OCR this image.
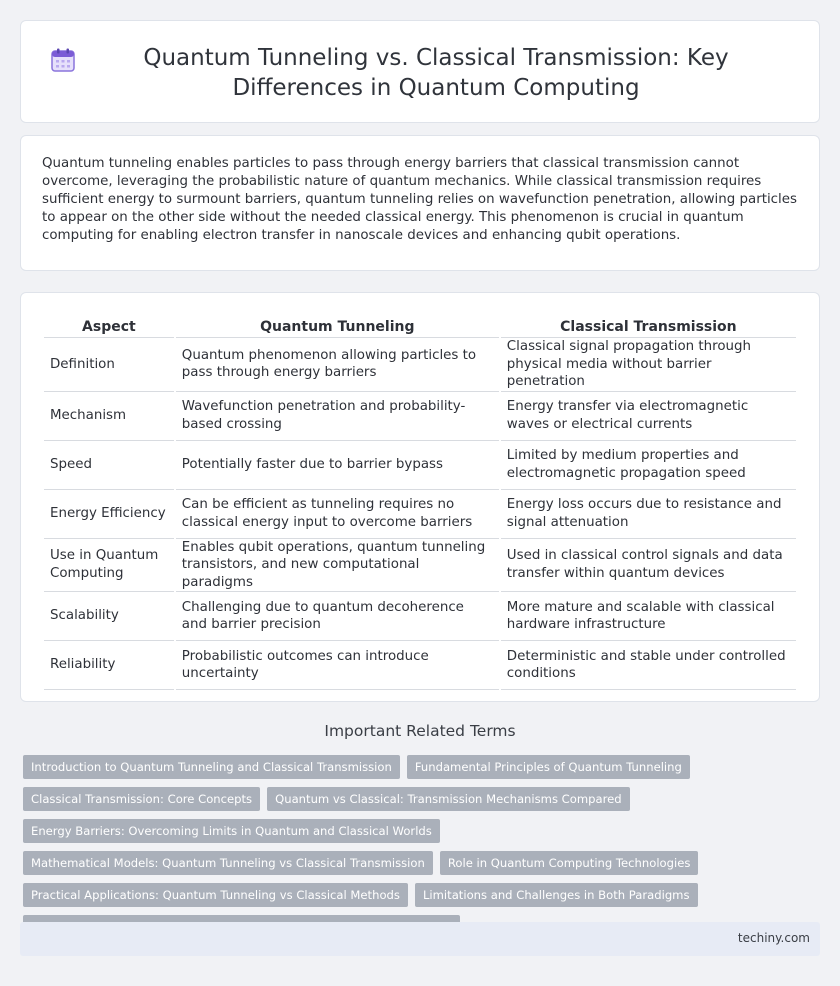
Quantum Tunneling vs. Classical Transmission: Key Differences in Quantum Computing

Quantum tunneling enables particles to pass through energy barriers that classical transmission cannot overcome, leveraging the probabilistic nature of quantum mechanics. While classical transmission requires sufficient energy to surmount barriers, quantum tunneling relies on wavefunction penetration, allowing particles to appear on the other side without the needed classical energy. This phenomenon is crucial in quantum computing for enabling electron transfer in nanoscale devices and enhancing qubit operations.

Aspect	Quantum Tunneling	Classical Transmission
Definition	Quantum phenomenon allowing particles to pass through energy barriers	Classical signal propagation through physical media without barrier penetration
Mechanism	Wavefunction penetration and probability-based crossing	Energy transfer via electromagnetic waves or electrical currents
Speed	Potentially faster due to barrier bypass	Limited by medium properties and electromagnetic propagation speed
Energy Efficiency	Can be efficient as tunneling requires no classical energy input to overcome barriers	Energy loss occurs due to resistance and signal attenuation
Use in Quantum Computing	Enables qubit operations, quantum tunneling transistors, and new computational paradigms	Used in classical control signals and data transfer within quantum devices
Scalability	Challenging due to quantum decoherence and barrier precision	More mature and scalable with classical hardware infrastructure
Reliability	Probabilistic outcomes can introduce uncertainty	Deterministic and stable under controlled conditions
Important Related Terms
Introduction to Quantum Tunneling and Classical Transmission	Fundamental Principles of Quantum Tunneling
Classical Transmission: Core Concepts	Quantum vs Classical: Transmission Mechanisms Compared
Energy Barriers: Overcoming Limits in Quantum and Classical Worlds
Mathematical Models: Quantum Tunneling vs Classical Transmission	Role in Quantum Computing Technologies
Practical Applications: Quantum Tunneling vs Classical Methods	Limitations and Challenges in Both Paradigms
techiny.com
